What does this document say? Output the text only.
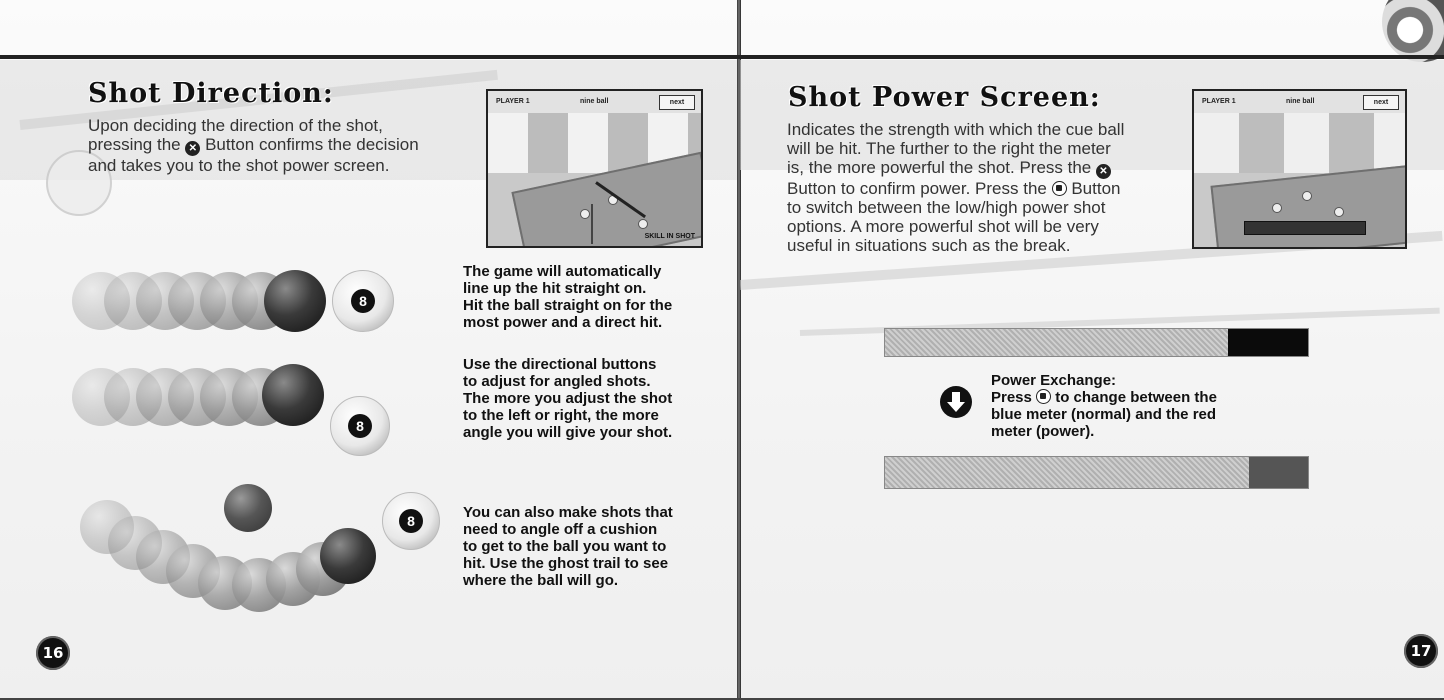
Shot Direction:
Upon deciding the direction of the shot,
pressing the ✕ Button confirms the decision
and takes you to the shot power screen.
PLAYER 1	nine ball	next
SKILL IN SHOT
8
8
8
The game will automatically
line up the hit straight on.
Hit the ball straight on for the
most power and a direct hit.
Use the directional buttons
to adjust for angled shots.
The more you adjust the shot
to the left or right, the more
angle you will give your shot.
You can also make shots that
need to angle off a cushion
to get to the ball you want to
hit. Use the ghost trail to see
where the ball will go.
16
Shot Power Screen:
Indicates the strength with which the cue ball
will be hit. The further to the right the meter
is, the more powerful the shot. Press the ✕
Button to confirm power. Press the Button
to switch between the low/high power shot
options. A more powerful shot will be very
useful in situations such as the break.
PLAYER 1	nine ball	next
Power Exchange:
Press to change between the
blue meter (normal) and the red
meter (power).
17
